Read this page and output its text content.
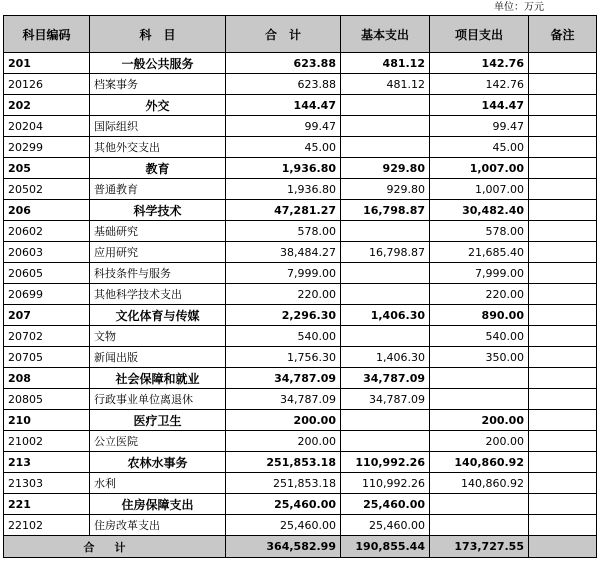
单位：万元
科目编码	科　目	合　计	基本支出	项目支出	备注
201	一般公共服务	623.88	481.12	142.76	
20126	档案事务	623.88	481.12	142.76	
202	外交	144.47		144.47	
20204	国际组织	99.47		99.47	
20299	其他外交支出	45.00		45.00	
205	教育	1,936.80	929.80	1,007.00	
20502	普通教育	1,936.80	929.80	1,007.00	
206	科学技术	47,281.27	16,798.87	30,482.40	
20602	基础研究	578.00		578.00	
20603	应用研究	38,484.27	16,798.87	21,685.40	
20605	科技条件与服务	7,999.00		7,999.00	
20699	其他科学技术支出	220.00		220.00	
207	文化体育与传媒	2,296.30	1,406.30	890.00	
20702	文物	540.00		540.00	
20705	新闻出版	1,756.30	1,406.30	350.00	
208	社会保障和就业	34,787.09	34,787.09		
20805	行政事业单位离退休	34,787.09	34,787.09		
210	医疗卫生	200.00		200.00	
21002	公立医院	200.00		200.00	
213	农林水事务	251,853.18	110,992.26	140,860.92	
21303	水利	251,853.18	110,992.26	140,860.92	
221	住房保障支出	25,460.00	25,460.00		
22102	住房改革支出	25,460.00	25,460.00		
合计		364,582.99	190,855.44	173,727.55	
